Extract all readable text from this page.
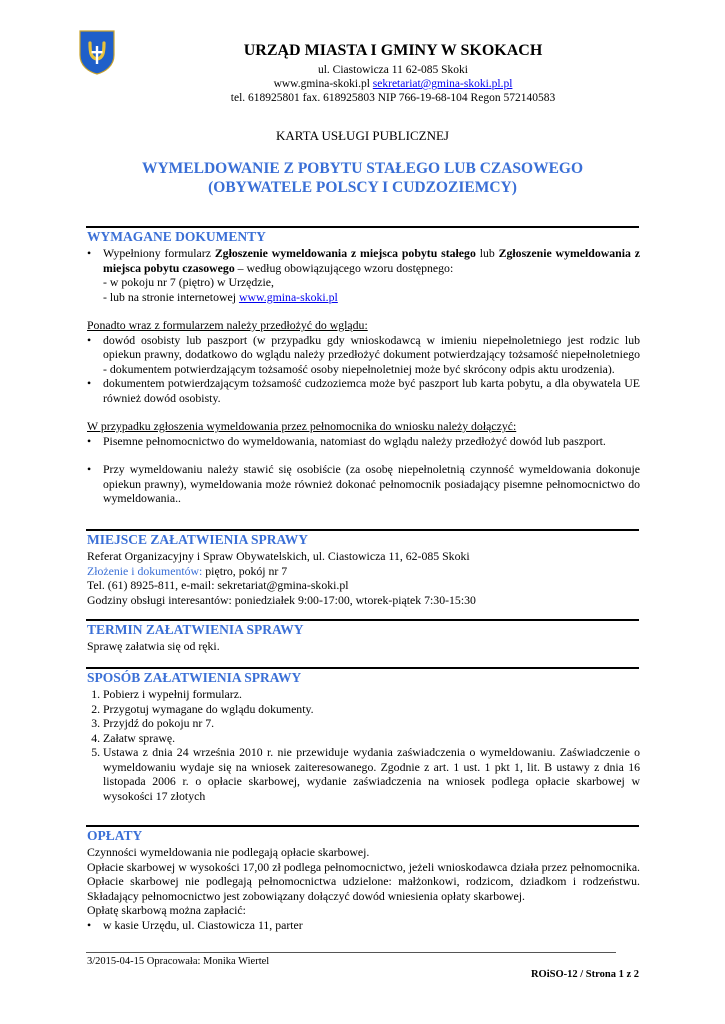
URZĄD MIASTA I GMINY W SKOKACH
ul. Ciastowicza 11 62-085 Skoki
www.gmina-skoki.pl sekretariat@gmina-skoki.pl.pl
tel. 618925801 fax. 618925803 NIP 766-19-68-104 Regon 572140583
KARTA USŁUGI PUBLICZNEJ
WYMELDOWANIE Z POBYTU STAŁEGO LUB CZASOWEGO
(OBYWATELE POLSCY I CUDZOZIEMCY)
WYMAGANE DOKUMENTY
• Wypełniony formularz Zgłoszenie wymeldowania z miejsca pobytu stałego lub Zgłoszenie wymeldowania z miejsca pobytu czasowego – według obowiązującego wzoru dostępnego:
- w pokoju nr 7 (piętro) w Urzędzie,
- lub na stronie internetowej www.gmina-skoki.pl
Ponadto wraz z formularzem należy przedłożyć do wglądu:
• dowód osobisty lub paszport (w przypadku gdy wnioskodawcą w imieniu niepełnoletniego jest rodzic lub opiekun prawny, dodatkowo do wglądu należy przedłożyć dokument potwierdzający tożsamość niepełnoletniego - dokumentem potwierdzającym tożsamość osoby niepełnoletniej może być skrócony odpis aktu urodzenia).
• dokumentem potwierdzającym tożsamość cudzoziemca może być paszport lub karta pobytu, a dla obywatela UE również dowód osobisty.
W przypadku zgłoszenia wymeldowania przez pełnomocnika do wniosku należy dołączyć:
• Pisemne pełnomocnictwo do wymeldowania, natomiast do wglądu należy przedłożyć dowód lub paszport.
• Przy wymeldowaniu należy stawić się osobiście (za osobę niepełnoletnią czynność wymeldowania dokonuje opiekun prawny), wymeldowania może również dokonać pełnomocnik posiadający pisemne pełnomocnictwo do wymeldowania..
MIEJSCE ZAŁATWIENIA SPRAWY
Referat Organizacyjny i Spraw Obywatelskich, ul. Ciastowicza 11, 62-085 Skoki
Złożenie i dokumentów: piętro, pokój nr 7
Tel. (61) 8925-811, e-mail: sekretariat@gmina-skoki.pl
Godziny obsługi interesantów: poniedziałek 9:00-17:00, wtorek-piątek 7:30-15:30
TERMIN ZAŁATWIENIA SPRAWY
Sprawę załatwia się od ręki.
SPOSÓB ZAŁATWIENIA SPRAWY
1. Pobierz i wypełnij formularz.
2. Przygotuj wymagane do wglądu dokumenty.
3. Przyjdź do pokoju nr 7.
4. Załatw sprawę.
5. Ustawa z dnia 24 września 2010 r. nie przewiduje wydania zaświadczenia o wymeldowaniu. Zaświadczenie o wymeldowaniu wydaje się na wniosek zaiteresowanego. Zgodnie z art. 1 ust. 1 pkt 1, lit. B ustawy z dnia 16 listopada 2006 r. o opłacie skarbowej, wydanie zaświadczenia na wniosek podlega opłacie skarbowej w wysokości 17 złotych
OPŁATY

Czynności wymeldowania nie podlegają opłacie skarbowej.

Opłacie skarbowej w wysokości 17,00 zł podlega pełnomocnictwo, jeżeli wnioskodawca działa przez pełnomocnika. Opłacie skarbowej nie podlegają pełnomocnictwa udzielone: małżonkowi, rodzicom, dziadkom i rodzeństwu. Składający pełnomocnictwo jest zobowiązany dołączyć dowód wniesienia opłaty skarbowej.

Opłatę skarbową można zapłacić:

• w kasie Urzędu, ul. Ciastowicza 11, parter
3/2015-04-15 Opracowała: Monika Wiertel
ROiSO-12 / Strona 1 z 2
